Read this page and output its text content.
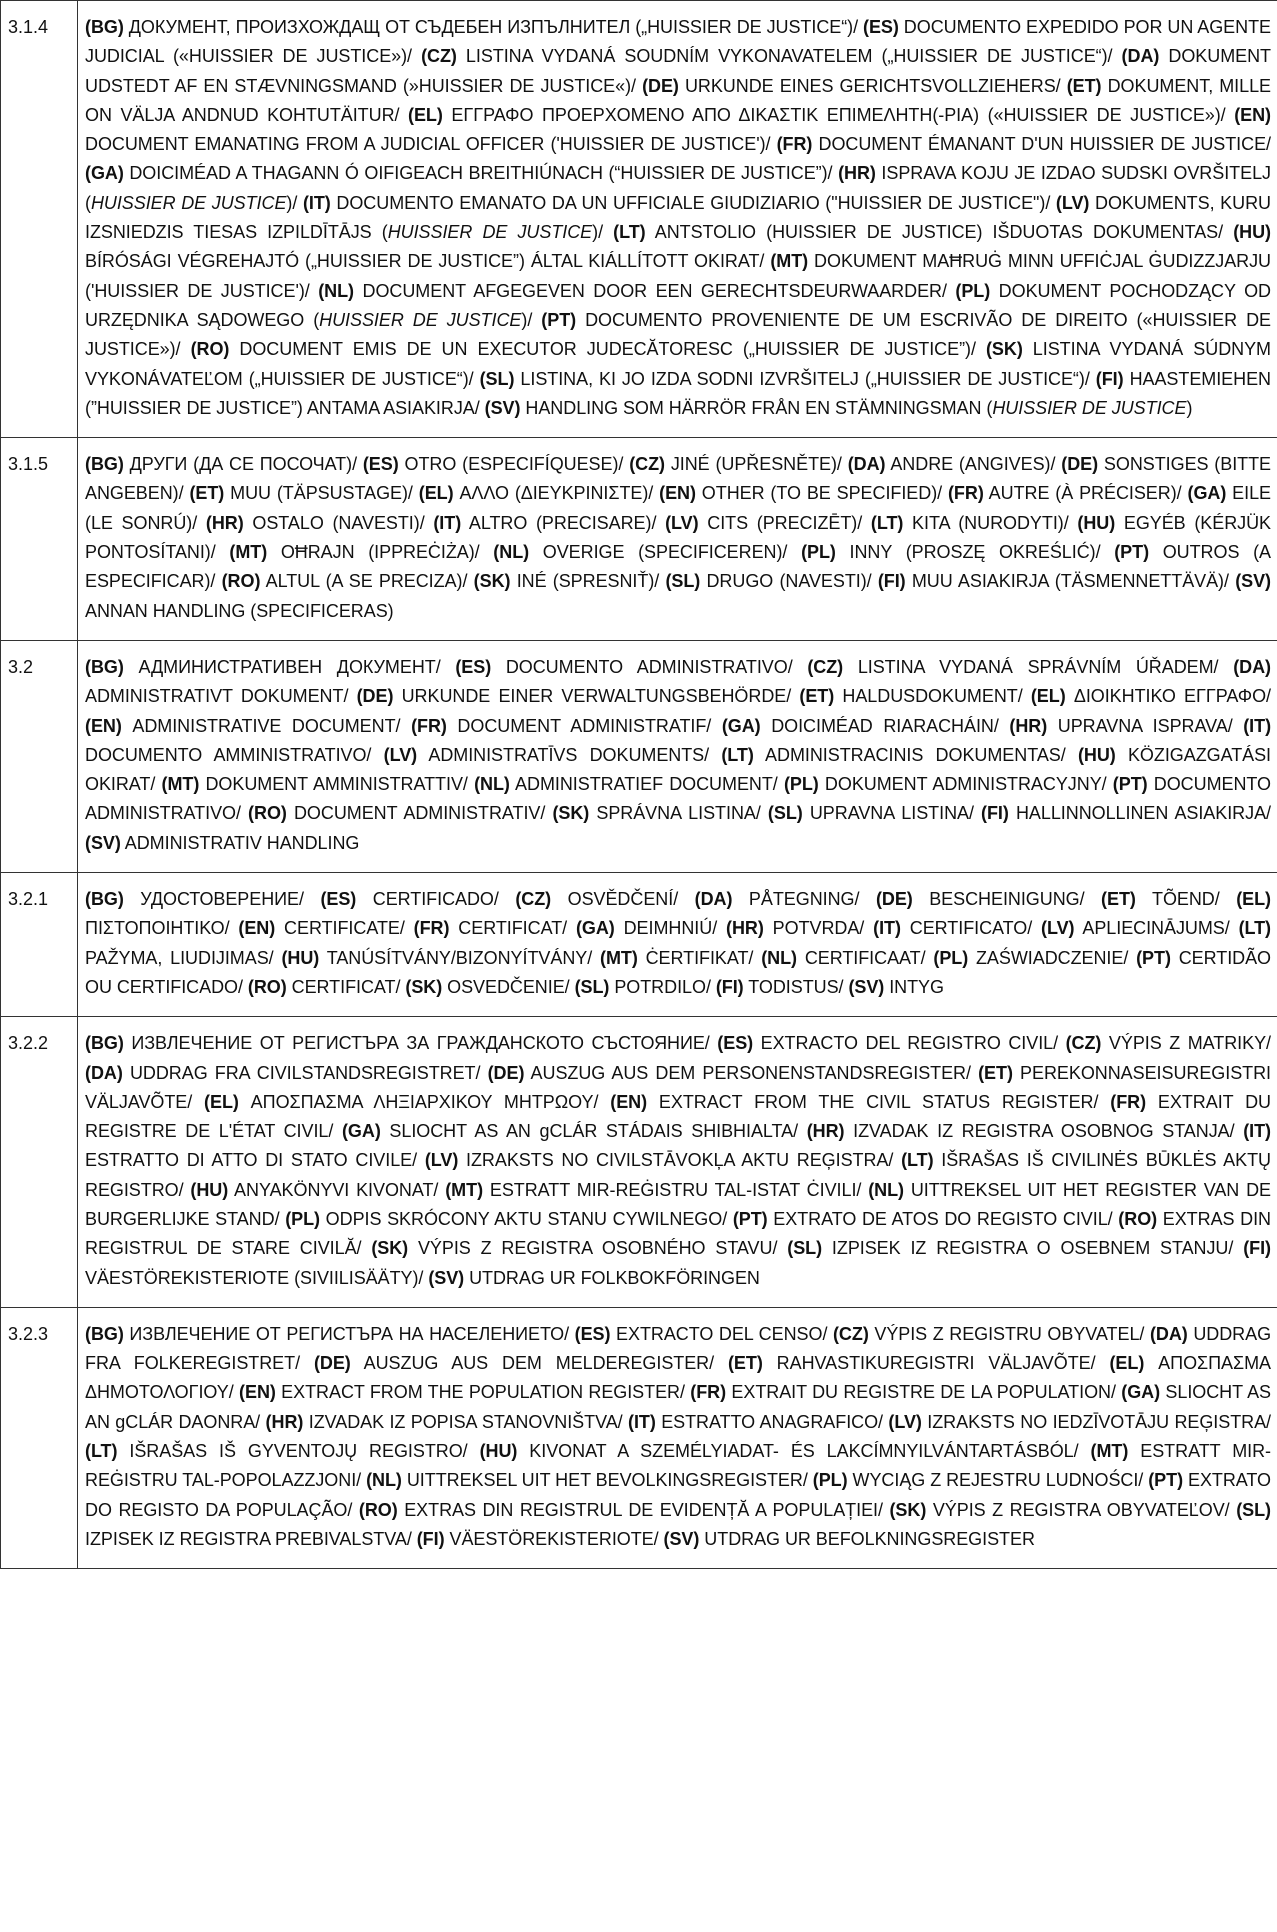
3.1.4	(BG) ДОКУМЕНТ, ПРОИЗХОЖДАЩ ОТ СЪДЕБЕН ИЗПЪЛНИТЕЛ („HUISSIER DE JUSTICE“)/ (ES) DOCUMENTO EXPEDIDO POR UN AGENTE JUDICIAL («HUISSIER DE JUSTICE»)/ (CZ) LISTINA VYDANÁ SOUDNÍM VYKONAVATELEM („HUISSIER DE JUSTICE“)/ (DA) DOKUMENT UDSTEDT AF EN STÆVNINGSMAND (»HUISSIER DE JUSTICE«)/ (DE) URKUNDE EINES GERICHTSVOLLZIEHERS/ (ET) DOKUMENT, MILLE ON VÄLJA ANDNUD KOHTUTÄITUR/ (EL) ΕΓΓΡΑΦΟ ΠΡΟΕΡΧΟΜΕΝΟ ΑΠΟ ΔΙΚΑΣΤΙΚ ΕΠΙΜΕΛΗΤΗ(-ΡΙΑ) («HUISSIER DE JUSTICE»)/ (EN) DOCUMENT EMANATING FROM A JUDICIAL OFFICER ('HUISSIER DE JUSTICE')/ (FR) DOCUMENT ÉMANANT D'UN HUISSIER DE JUSTICE/ (GA) DOICIMÉAD A THAGANN Ó OIFIGEACH BREITHIÚNACH (“HUISSIER DE JUSTICE”)/ (HR) ISPRAVA KOJU JE IZDAO SUDSKI OVRŠITELJ (HUISSIER DE JUSTICE)/ (IT) DOCUMENTO EMANATO DA UN UFFICIALE GIUDIZIARIO ("HUISSIER DE JUSTICE")/ (LV) DOKUMENTS, KURU IZSNIEDZIS TIESAS IZPILDĪTĀJS (HUISSIER DE JUSTICE)/ (LT) ANTSTOLIO (HUISSIER DE JUSTICE) IŠDUOTAS DOKUMENTAS/ (HU) BÍRÓSÁGI VÉGREHAJTÓ („HUISSIER DE JUSTICE”) ÁLTAL KIÁLLÍTOTT OKIRAT/ (MT) DOKUMENT MAĦRUĠ MINN UFFIĊJAL ĠUDIZZJARJU ('HUISSIER DE JUSTICE')/ (NL) DOCUMENT AFGEGEVEN DOOR EEN GERECHTSDEURWAARDER/ (PL) DOKUMENT POCHODZĄCY OD URZĘDNIKA SĄDOWEGO (HUISSIER DE JUSTICE)/ (PT) DOCUMENTO PROVENIENTE DE UM ESCRIVÃO DE DIREITO («HUISSIER DE JUSTICE»)/ (RO) DOCUMENT EMIS DE UN EXECUTOR JUDECĂTORESC („HUISSIER DE JUSTICE”)/ (SK) LISTINA VYDANÁ SÚDNYM VYKONÁVATEĽOM („HUISSIER DE JUSTICE“)/ (SL) LISTINA, KI JO IZDA SODNI IZVRŠITELJ („HUISSIER DE JUSTICE“)/ (FI) HAASTEMIEHEN (”HUISSIER DE JUSTICE”) ANTAMA ASIAKIRJA/ (SV) HANDLING SOM HÄRRÖR FRÅN EN STÄMNINGSMAN (HUISSIER DE JUSTICE)
3.1.5	(BG) ДРУГИ (ДА СЕ ПОСОЧАТ)/ (ES) OTRO (ESPECIFÍQUESE)/ (CZ) JINÉ (UPŘESNĚTE)/ (DA) ANDRE (ANGIVES)/ (DE) SONSTIGES (BITTE ANGEBEN)/ (ET) MUU (TÄPSUSTAGE)/ (EL) ΑΛΛΟ (ΔΙΕΥΚΡΙΝΙΣΤΕ)/ (EN) OTHER (TO BE SPECIFIED)/ (FR) AUTRE (À PRÉCISER)/ (GA) EILE (LE SONRÚ)/ (HR) OSTALO (NAVESTI)/ (IT) ALTRO (PRECISARE)/ (LV) CITS (PRECIZĒT)/ (LT) KITA (NURODYTI)/ (HU) EGYÉB (KÉRJÜK PONTOSÍTANI)/ (MT) OĦRAJN (IPPREĊIŻA)/ (NL) OVERIGE (SPECIFICEREN)/ (PL) INNY (PROSZĘ OKREŚLIĆ)/ (PT) OUTROS (A ESPECIFICAR)/ (RO) ALTUL (A SE PRECIZA)/ (SK) INÉ (SPRESNIŤ)/ (SL) DRUGO (NAVESTI)/ (FI) MUU ASIAKIRJA (TÄSMENNETTÄVÄ)/ (SV) ANNAN HANDLING (SPECIFICERAS)
3.2	(BG) АДМИНИСТРАТИВЕН ДОКУМЕНТ/ (ES) DOCUMENTO ADMINISTRATIVO/ (CZ) LISTINA VYDANÁ SPRÁVNÍM ÚŘADEM/ (DA) ADMINISTRATIVT DOKUMENT/ (DE) URKUNDE EINER VERWALTUNGSBEHÖRDE/ (ET) HALDUSDOKUMENT/ (EL) ΔΙΟΙΚΗΤΙΚΟ ΕΓΓΡΑΦΟ/ (EN) ADMINISTRATIVE DOCUMENT/ (FR) DOCUMENT ADMINISTRATIF/ (GA) DOICIMÉAD RIARACHÁIN/ (HR) UPRAVNA ISPRAVA/ (IT) DOCUMENTO AMMINISTRATIVO/ (LV) ADMINISTRATĪVS DOKUMENTS/ (LT) ADMINISTRACINIS DOKUMENTAS/ (HU) KÖZIGAZGATÁSI OKIRAT/ (MT) DOKUMENT AMMINISTRATTIV/ (NL) ADMINISTRATIEF DOCUMENT/ (PL) DOKUMENT ADMINISTRACYJNY/ (PT) DOCUMENTO ADMINISTRATIVO/ (RO) DOCUMENT ADMINISTRATIV/ (SK) SPRÁVNA LISTINA/ (SL) UPRAVNA LISTINA/ (FI) HALLINNOLLINEN ASIAKIRJA/ (SV) ADMINISTRATIV HANDLING
3.2.1	(BG) УДОСТОВЕРЕНИЕ/ (ES) CERTIFICADO/ (CZ) OSVĚDČENÍ/ (DA) PÅTEGNING/ (DE) BESCHEINIGUNG/ (ET) TÕEND/ (EL) ΠΙΣΤΟΠΟΙΗΤΙΚΟ/ (EN) CERTIFICATE/ (FR) CERTIFICAT/ (GA) DEIMHNIÚ/ (HR) POTVRDA/ (IT) CERTIFICATO/ (LV) APLIECINĀJUMS/ (LT) PAŽYMA, LIUDIJIMAS/ (HU) TANÚSÍTVÁNY/BIZONYÍTVÁNY/ (MT) ĊERTIFIKAT/ (NL) CERTIFICAAT/ (PL) ZAŚWIADCZENIE/ (PT) CERTIDÃO OU CERTIFICADO/ (RO) CERTIFICAT/ (SK) OSVEDČENIE/ (SL) POTRDILO/ (FI) TODISTUS/ (SV) INTYG
3.2.2	(BG) ИЗВЛЕЧЕНИЕ ОТ РЕГИСТЪРА ЗА ГРАЖДАНСКОТО СЪСТОЯНИЕ/ (ES) EXTRACTO DEL REGISTRO CIVIL/ (CZ) VÝPIS Z MATRIKY/ (DA) UDDRAG FRA CIVILSTANDSREGISTRET/ (DE) AUSZUG AUS DEM PERSONENSTANDSREGISTER/ (ET) PEREKONNASEISUREGISTRI VÄLJAVÕTE/ (EL) ΑΠΟΣΠΑΣΜΑ ΛΗΞΙΑΡΧΙΚΟΥ ΜΗΤΡΩΟΥ/ (EN) EXTRACT FROM THE CIVIL STATUS REGISTER/ (FR) EXTRAIT DU REGISTRE DE L'ÉTAT CIVIL/ (GA) SLIOCHT AS AN gCLÁR STÁDAIS SHIBHIALTA/ (HR) IZVADAK IZ REGISTRA OSOBNOG STANJA/ (IT) ESTRATTO DI ATTO DI STATO CIVILE/ (LV) IZRAKSTS NO CIVILSTĀVOKĻA AKTU REĢISTRA/ (LT) IŠRAŠAS IŠ CIVILINĖS BŪKLĖS AKTŲ REGISTRO/ (HU) ANYAKÖNYVI KIVONAT/ (MT) ESTRATT MIR-REĠISTRU TAL-ISTAT ĊIVILI/ (NL) UITTREKSEL UIT HET REGISTER VAN DE BURGERLIJKE STAND/ (PL) ODPIS SKRÓCONY AKTU STANU CYWILNEGO/ (PT) EXTRATO DE ATOS DO REGISTO CIVIL/ (RO) EXTRAS DIN REGISTRUL DE STARE CIVILĂ/ (SK) VÝPIS Z REGISTRA OSOBNÉHO STAVU/ (SL) IZPISEK IZ REGISTRA O OSEBNEM STANJU/ (FI) VÄESTÖREKISTERIOTE (SIVIILISÄÄTY)/ (SV) UTDRAG UR FOLKBOKFÖRINGEN
3.2.3	(BG) ИЗВЛЕЧЕНИЕ ОТ РЕГИСТЪРА НА НАСЕЛЕНИЕТО/ (ES) EXTRACTO DEL CENSO/ (CZ) VÝPIS Z REGISTRU OBYVATEL/ (DA) UDDRAG FRA FOLKEREGISTRET/ (DE) AUSZUG AUS DEM MELDEREGISTER/ (ET) RAHVASTIKUREGISTRI VÄLJAVÕTE/ (EL) ΑΠΟΣΠΑΣΜΑ ΔΗΜΟΤΟΛΟΓΙΟΥ/ (EN) EXTRACT FROM THE POPULATION REGISTER/ (FR) EXTRAIT DU REGISTRE DE LA POPULATION/ (GA) SLIOCHT AS AN gCLÁR DAONRA/ (HR) IZVADAK IZ POPISA STANOVNIŠTVA/ (IT) ESTRATTO ANAGRAFICO/ (LV) IZRAKSTS NO IEDZĪVOTĀJU REĢISTRA/ (LT) IŠRAŠAS IŠ GYVENTOJŲ REGISTRO/ (HU) KIVONAT A SZEMÉLYIADAT- ÉS LAKCÍMNYILVÁNTARTÁSBÓL/ (MT) ESTRATT MIR-REĠISTRU TAL-POPOLAZZJONI/ (NL) UITTREKSEL UIT HET BEVOLKINGSREGISTER/ (PL) WYCIĄG Z REJESTRU LUDNOŚCI/ (PT) EXTRATO DO REGISTO DA POPULAÇÃO/ (RO) EXTRAS DIN REGISTRUL DE EVIDENȚĂ A POPULAȚIEI/ (SK) VÝPIS Z REGISTRA OBYVATEĽOV/ (SL) IZPISEK IZ REGISTRA PREBIVALSTVA/ (FI) VÄESTÖREKISTERIOTE/ (SV) UTDRAG UR BEFOLKNINGSREGISTER
